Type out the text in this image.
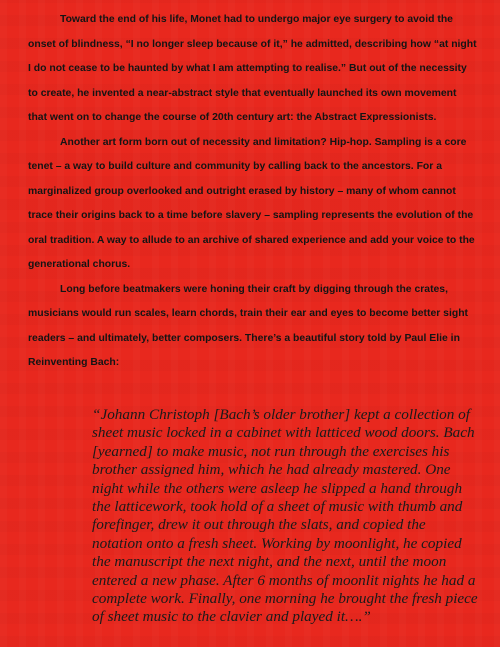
Toward the end of his life, Monet had to undergo major eye surgery to avoid the onset of blindness, “I no longer sleep because of it,” he admitted, describing how “at night I do not cease to be haunted by what I am attempting to realise.” But out of the necessity to create, he invented a near-abstract style that eventually launched its own movement that went on to change the course of 20th century art: the Abstract Expressionists.

Another art form born out of necessity and limitation? Hip-hop. Sampling is a core tenet – a way to build culture and community by calling back to the ancestors. For a marginalized group overlooked and outright erased by history – many of whom cannot trace their origins back to a time before slavery – sampling represents the evolution of the oral tradition. A way to allude to an archive of shared experience and add your voice to the generational chorus.

Long before beatmakers were honing their craft by digging through the crates, musicians would run scales, learn chords, train their ear and eyes to become better sight readers – and ultimately, better composers. There’s a beautiful story told by Paul Elie in Reinventing Bach:

“Johann Christoph [Bach’s older brother] kept a collection of sheet music locked in a cabinet with latticed wood doors. Bach [yearned] to make music, not run through the exercises his brother assigned him, which he had already mastered. One night while the others were asleep he slipped a hand through the latticework, took hold of a sheet of music with thumb and forefinger, drew it out through the slats, and copied the notation onto a fresh sheet. Working by moonlight, he copied the manuscript the next night, and the next, until the moon entered a new phase. After 6 months of moonlit nights he had a complete work. Finally, one morning he brought the fresh piece of sheet music to the clavier and played it….”
